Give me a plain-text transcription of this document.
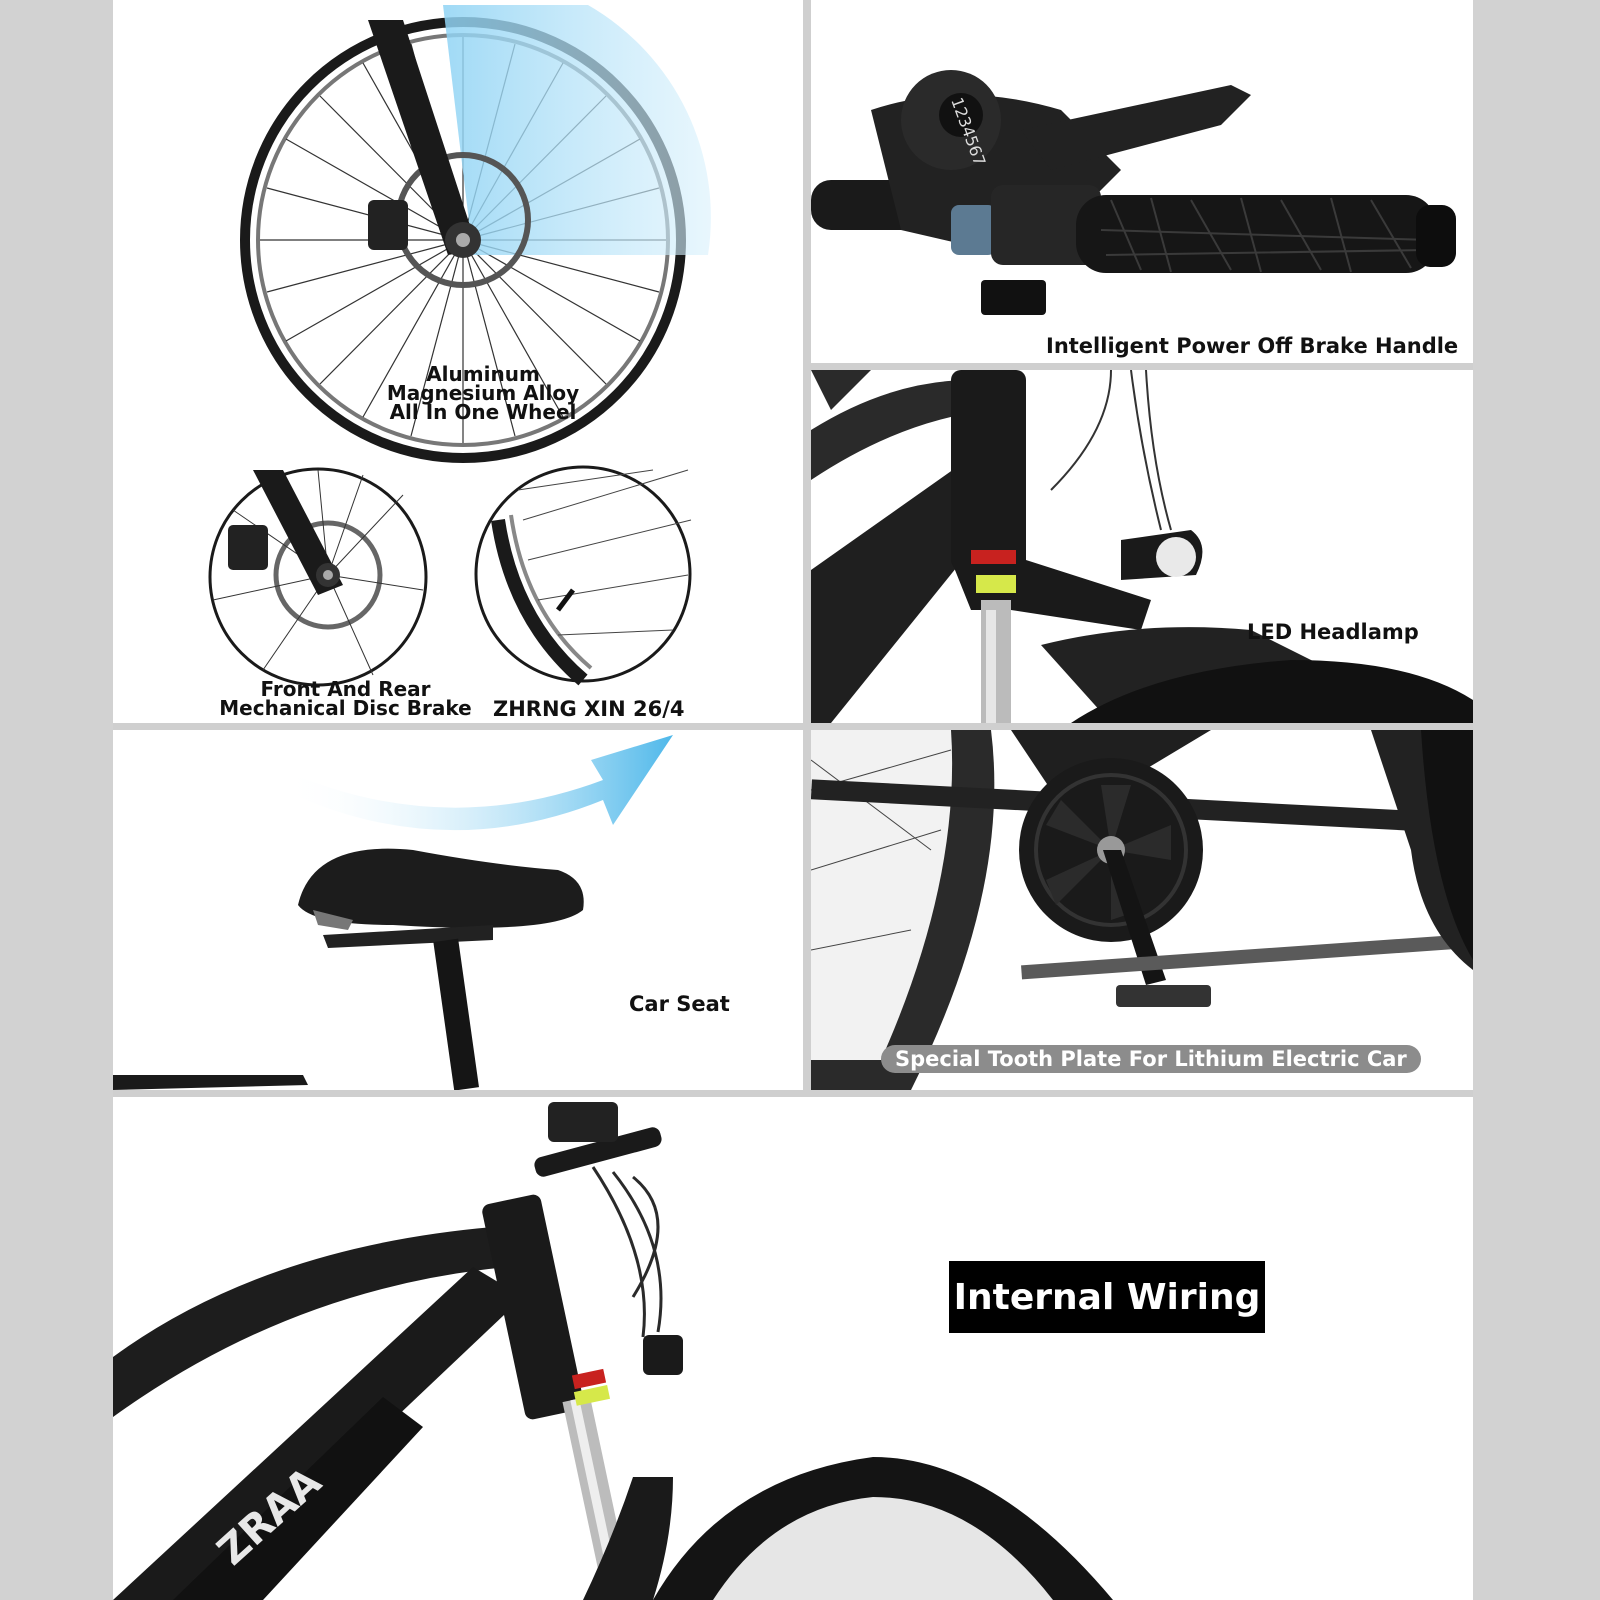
Aluminum Magnesium Alloy All In One Wheel
Front And Rear Mechanical Disc Brake	ZHRNG XIN 26/4
1234567
Intelligent Power Off Brake Handle
LED Headlamp
Car Seat
Special Tooth Plate For Lithium Electric Car
ZRAA
Internal Wiring
